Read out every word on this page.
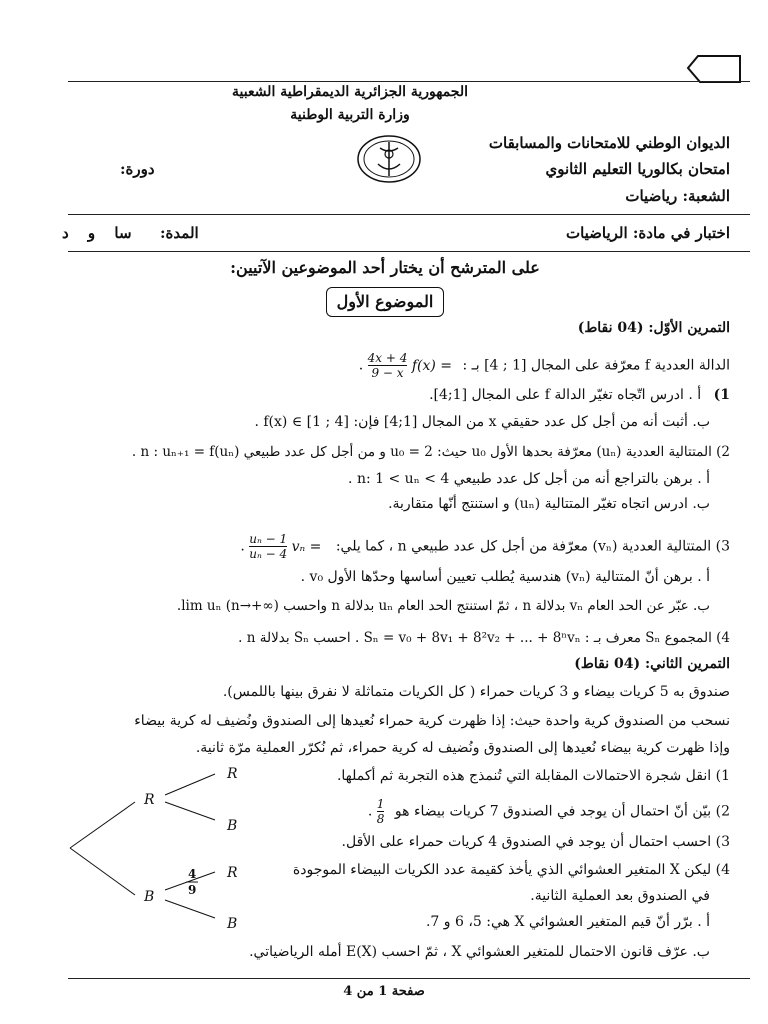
الجمهورية الجزائرية الديمقراطية الشعبية
وزارة التربية الوطنية
الديوان الوطني للامتحانات والمسابقات
امتحان بكالوريا التعليم الثانوي
دورة:
الشعبة: رياضيات
اختبار في مادة: الرياضيات
المدة:
سا و د
على المترشح أن يختار أحد الموضوعين الآتيين:
الموضوع الأول
التمرين الأوّل: (04 نقاط)
الدالة العددية f معرّفة على المجال [1 ; 4] بـ : f(x) =
$\frac{4x + 4}{9 - x}$
.
1) أ . ادرس اتّجاه تغيّر الدالة f على المجال [1;4].
ب. أثبت أنه من أجل كل عدد حقيقي x من المجال [1;4] فإن: f(x) ∈ [1 ; 4] .
2) المتتالية العددية (uₙ) معرّفة بحدها الأول u₀ حيث: u₀ = 2 و من أجل كل عدد طبيعي n : uₙ₊₁ = f(uₙ) .
أ . برهن بالتراجع أنه من أجل كل عدد طبيعي n: 1 < uₙ < 4 .
ب. ادرس اتجاه تغيّر المتتالية (uₙ) و استنتج أنّها متقاربة.
3) المتتالية العددية (vₙ) معرّفة من أجل كل عدد طبيعي n ، كما يلي: vₙ =
$\frac{\text{uₙ − 1}}{\text{uₙ − 4}}$
.
أ . برهن أنّ المتتالية (vₙ) هندسية يُطلب تعيين أساسها وحدّها الأول v₀ .
ب. عبّر عن الحد العام vₙ بدلالة n ، ثمّ استنتج الحد العام uₙ بدلالة n واحسب lim uₙ (n→+∞).
4) المجموع Sₙ معرف بـ : Sₙ = v₀ + 8v₁ + 8²v₂ + ... + 8ⁿvₙ . احسب Sₙ بدلالة n .
التمرين الثاني: (04 نقاط)
صندوق به 5 كريات بيضاء و 3 كريات حمراء ( كل الكريات متماثلة لا نفرق بينها باللمس).
نسحب من الصندوق كرية واحدة حيث: إذا ظهرت كرية حمراء نُعيدها إلى الصندوق ونُضيف له كرية بيضاء
وإذا ظهرت كرية بيضاء نُعيدها إلى الصندوق ونُضيف له كرية حمراء، ثم نُكرّر العملية مرّة ثانية.
1) انقل شجرة الاحتمالات المقابلة التي تُنمذج هذه التجربة ثم أكملها.
2) بيّن أنّ احتمال أن يوجد في الصندوق 7 كريات بيضاء هو
$\frac{1}{8}$
.
3) احسب احتمال أن يوجد في الصندوق 4 كريات حمراء على الأقل.
4) ليكن X المتغير العشوائي الذي يأخذ كقيمة عدد الكريات البيضاء الموجودة
في الصندوق بعد العملية الثانية.
أ . برّر أنّ قيم المتغير العشوائي X هي: 5، 6 و 7.
ب. عرّف قانون الاحتمال للمتغير العشوائي X ، ثمّ احسب E(X) أمله الرياضياتي.
R
B
R
B
R
B
4
9
صفحة 1 من 4
